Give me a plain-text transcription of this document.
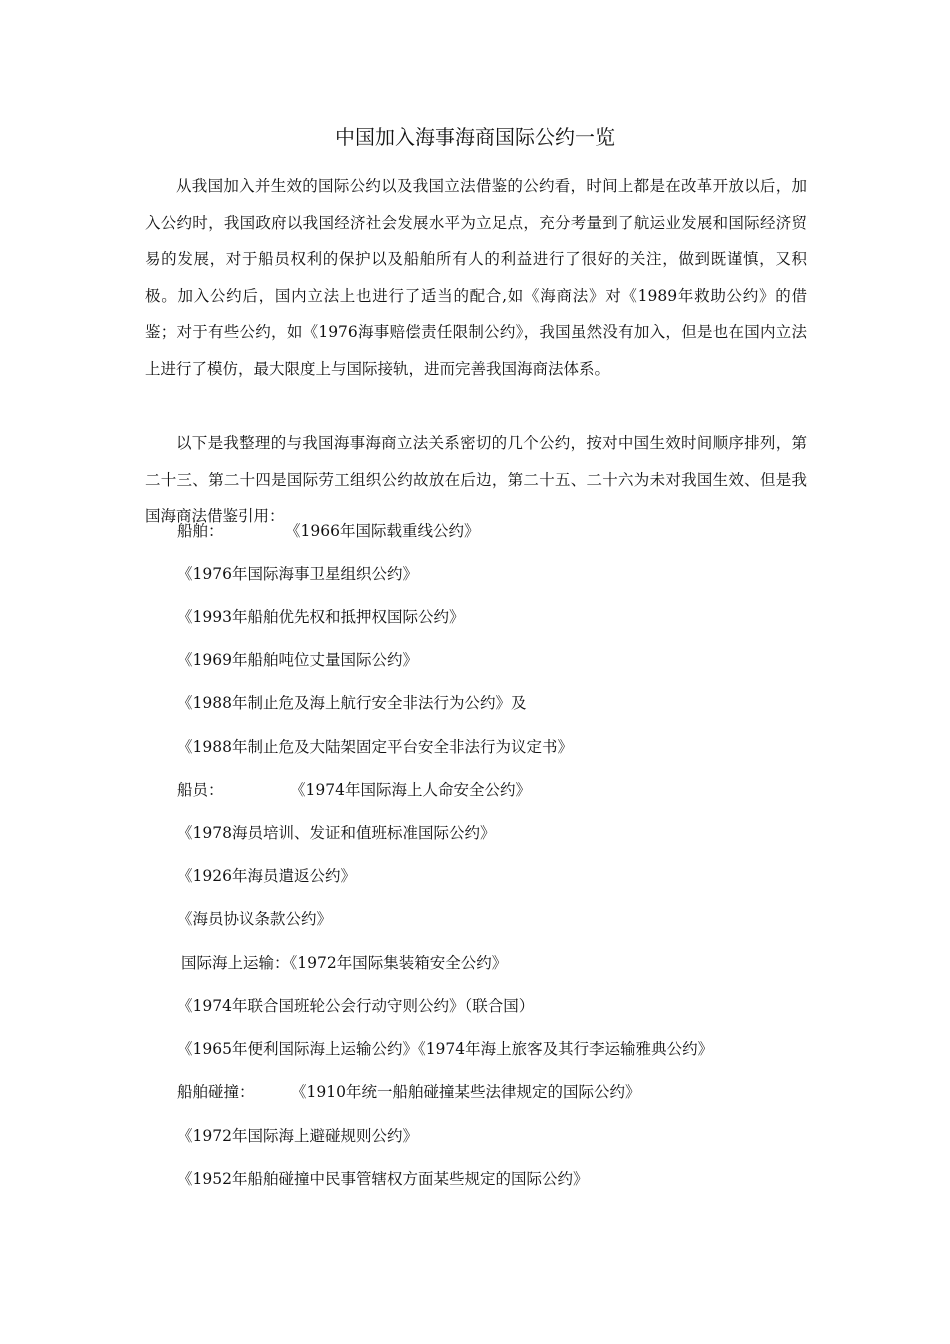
中国加入海事海商国际公约一览
从我国加入并生效的国际公约以及我国立法借鉴的公约看，时间上都是在改革开放以后，加入公约时，我国政府以我国经济社会发展水平为立足点，充分考量到了航运业发展和国际经济贸易的发展，对于船员权利的保护以及船舶所有人的利益进行了很好的关注，做到既谨慎，又积极。加入公约后，国内立法上也进行了适当的配合,如《海商法》对《1989年救助公约》的借鉴；对于有些公约，如《1976海事赔偿责任限制公约》，我国虽然没有加入，但是也在国内立法上进行了模仿，最大限度上与国际接轨，进而完善我国海商法体系。
以下是我整理的与我国海事海商立法关系密切的几个公约，按对中国生效时间顺序排列，第二十三、第二十四是国际劳工组织公约故放在后边，第二十五、二十六为未对我国生效、但是我国海商法借鉴引用：
船舶：	《1966年国际载重线公约》
《1976年国际海事卫星组织公约》
《1993年船舶优先权和抵押权国际公约》
《1969年船舶吨位丈量国际公约》
《1988年制止危及海上航行安全非法行为公约》及
《1988年制止危及大陆架固定平台安全非法行为议定书》
船员：	《1974年国际海上人命安全公约》
《1978海员培训、发证和值班标准国际公约》
《1926年海员遣返公约》
《海员协议条款公约》
国际海上运输：《1972年国际集装箱安全公约》
《1974年联合国班轮公会行动守则公约》（联合国）
《1965年便利国际海上运输公约》《1974年海上旅客及其行李运输雅典公约》
船舶碰撞： 《1910年统一船舶碰撞某些法律规定的国际公约》
《1972年国际海上避碰规则公约》
《1952年船舶碰撞中民事管辖权方面某些规定的国际公约》
